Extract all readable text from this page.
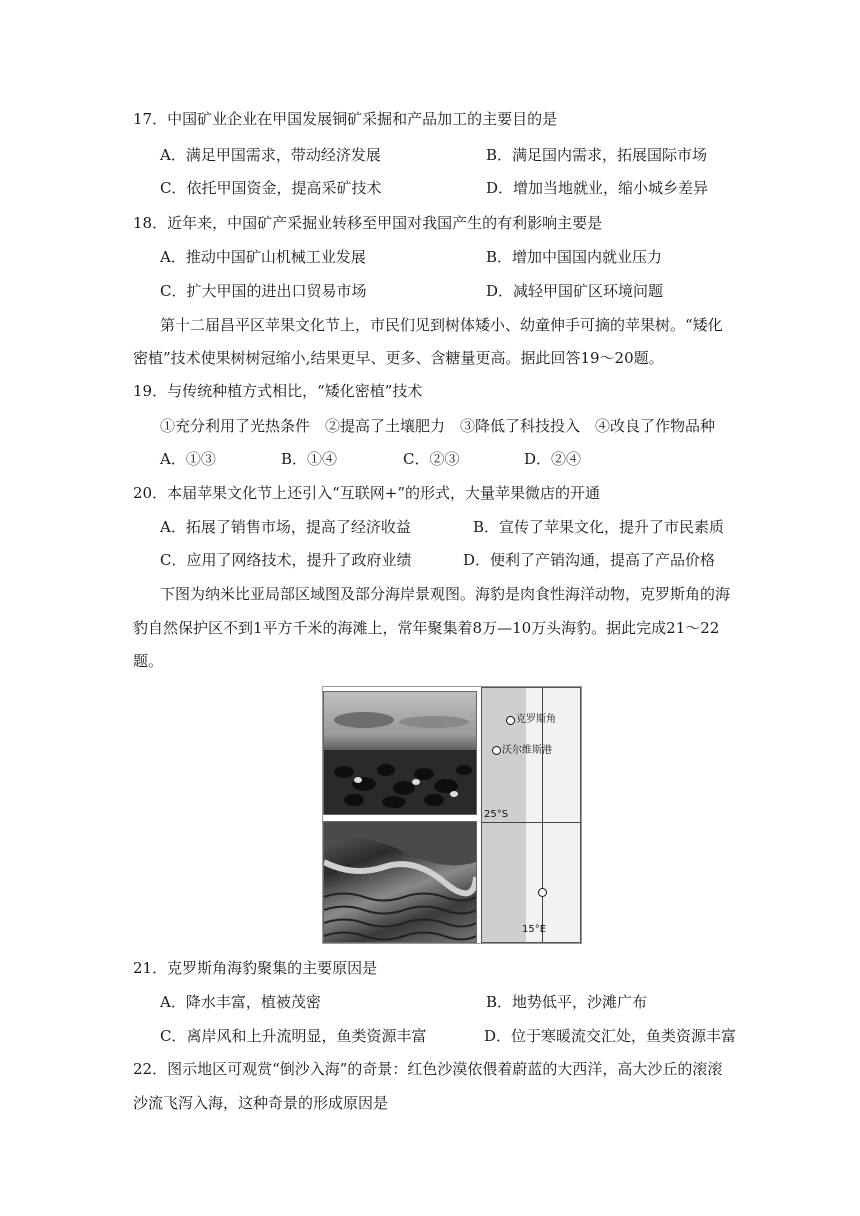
17．中国矿业企业在甲国发展铜矿采掘和产品加工的主要目的是
A．满足甲国需求，带动经济发展	B．满足国内需求，拓展国际市场
C．依托甲国资金，提高采矿技术	D．增加当地就业，缩小城乡差异
18．近年来，中国矿产采掘业转移至甲国对我国产生的有利影响主要是
A．推动中国矿山机械工业发展	B．增加中国国内就业压力
C．扩大甲国的进出口贸易市场	D．减轻甲国矿区环境问题
第十二届昌平区苹果文化节上，市民们见到树体矮小、幼童伸手可摘的苹果树。“矮化
密植”技术使果树树冠缩小,结果更早、更多、含糖量更高。据此回答19～20题。
19．与传统种植方式相比，“矮化密植”技术
①充分利用了光热条件　②提高了土壤肥力　③降低了科技投入　④改良了作物品种
A．①③	B．①④	C．②③	D．②④
20．本届苹果文化节上还引入“互联网+”的形式，大量苹果微店的开通
A．拓展了销售市场，提高了经济收益	B．宣传了苹果文化，提升了市民素质
C．应用了网络技术，提升了政府业绩	D．便利了产销沟通，提高了产品价格
下图为纳米比亚局部区域图及部分海岸景观图。海豹是肉食性海洋动物，克罗斯角的海
豹自然保护区不到1平方千米的海滩上，常年聚集着8万—10万头海豹。据此完成21～22
题。
克罗斯角
沃尔维斯港
25°S
15°E
21．克罗斯角海豹聚集的主要原因是
A．降水丰富，植被茂密	B．地势低平，沙滩广布
C．离岸风和上升流明显，鱼类资源丰富	D．位于寒暖流交汇处，鱼类资源丰富
22．图示地区可观赏“倒沙入海”的奇景：红色沙漠依偎着蔚蓝的大西洋，高大沙丘的滚滚
沙流飞泻入海，这种奇景的形成原因是
